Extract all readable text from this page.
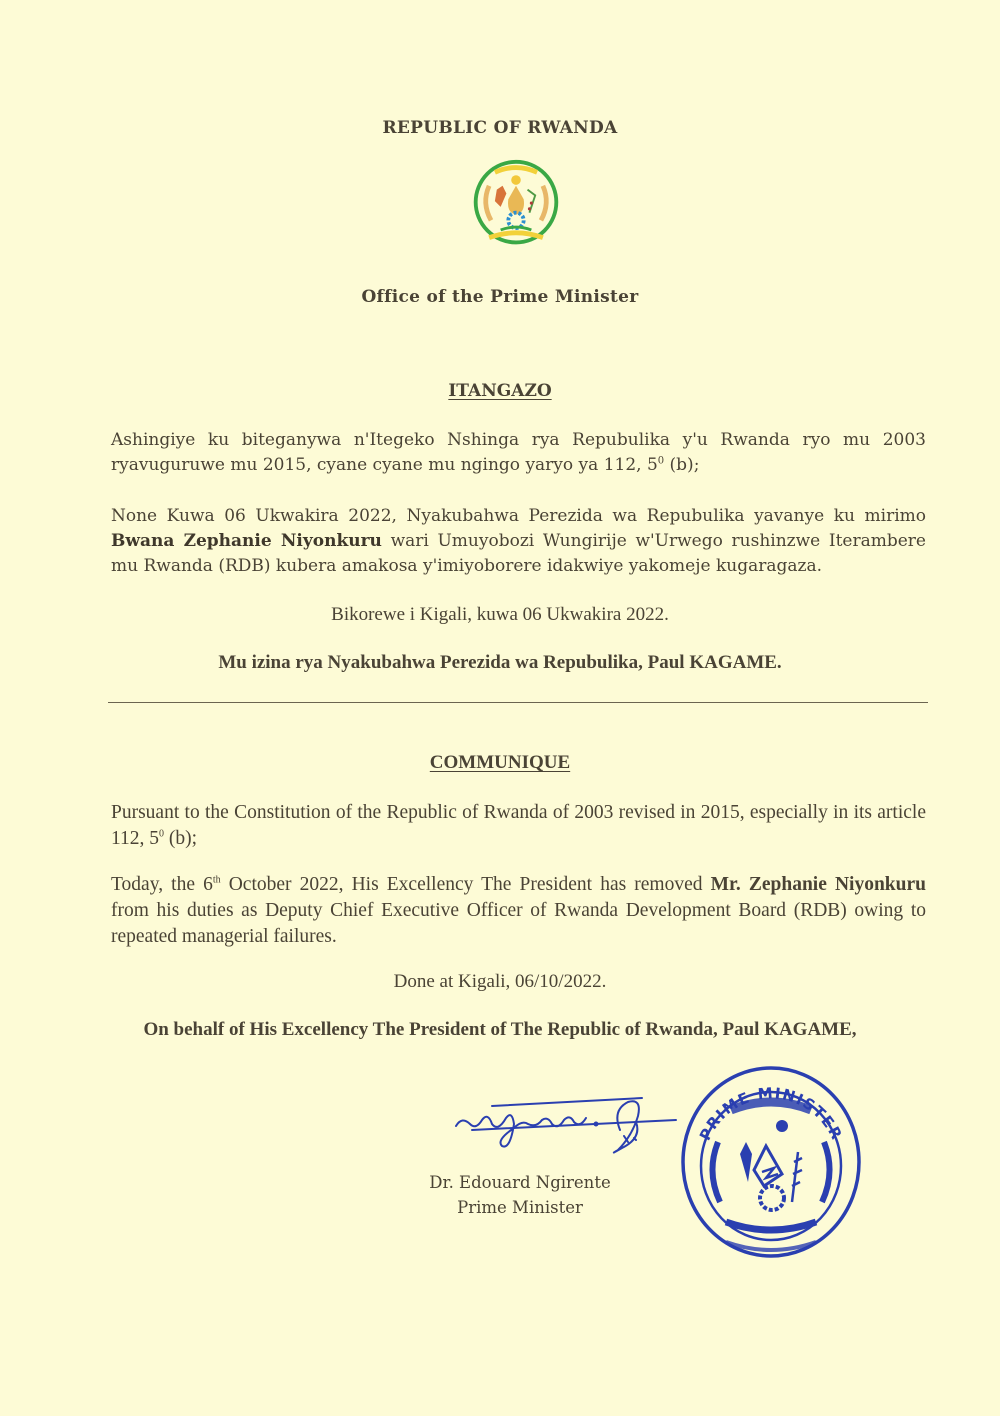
REPUBLIC OF RWANDA
Office of the Prime Minister
ITANGAZO
Ashingiye ku biteganywa n'Itegeko Nshinga rya Repubulika y'u Rwanda ryo mu 2003 ryavuguruwe mu 2015, cyane cyane mu ngingo yaryo ya 112, $5^0$ (b);
None Kuwa 06 Ukwakira 2022, Nyakubahwa Perezida wa Repubulika yavanye ku mirimo Bwana Zephanie Niyonkuru wari Umuyobozi Wungirije w'Urwego rushinzwe Iterambere mu Rwanda (RDB) kubera amakosa y'imiyoborere idakwiye yakomeje kugaragaza.
Bikorewe i Kigali, kuwa 06 Ukwakira 2022.
Mu izina rya Nyakubahwa Perezida wa Repubulika, Paul KAGAME.
COMMUNIQUE
Pursuant to the Constitution of the Republic of Rwanda of 2003 revised in 2015, especially in its article 112, $5^0$ (b);
Today, the 6th October 2022, His Excellency The President has removed Mr. Zephanie Niyonkuru from his duties as Deputy Chief Executive Officer of Rwanda Development Board (RDB) owing to repeated managerial failures.
Done at Kigali, 06/10/2022.
On behalf of His Excellency The President of The Republic of Rwanda, Paul KAGAME,
Dr. Edouard Ngirente
Prime Minister
PRIME MINISTER
